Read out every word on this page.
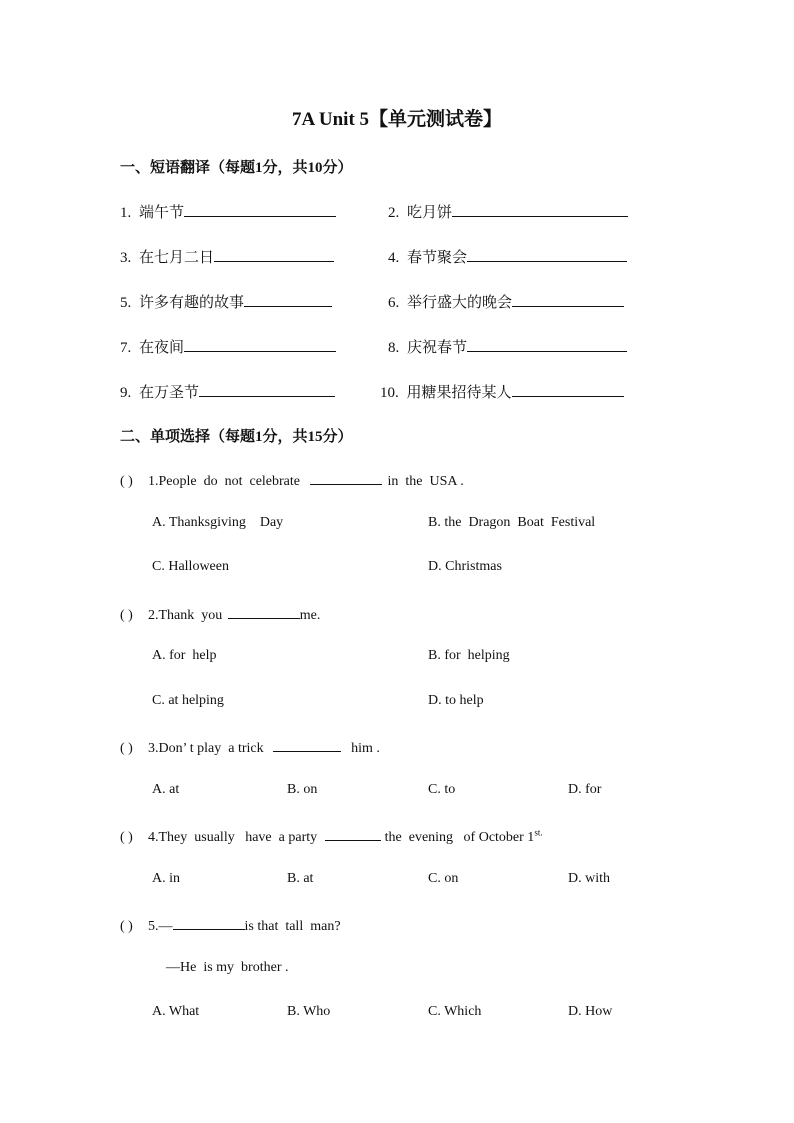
7A Unit 5【单元测试卷】
一、短语翻译（每题1分，共10分）
1. 端午节	2. 吃月饼
3. 在七月二日	4. 春节聚会
5. 许多有趣的故事	6. 举行盛大的晚会
7. 在夜间	8. 庆祝春节
9. 在万圣节	10. 用糖果招待某人
二、单项选择（每题1分，共15分）
( ) 1.People  do  not  celebrate	in  the  USA .
A. Thanksgiving    Day	B. the  Dragon  Boat  Festival
C. Halloween	D. Christmas
( ) 2.Thank  you	me.
A. for  help	B. for  helping
C. at helping	D. to help
( ) 3.Don’ t play  a trick	him .
A. at	B. on	C. to	D. for
( ) 4.They  usually   have  a party	the  evening   of October $1^{st.}$
A. in	B. at	C. on	D. with
( ) 5.—	is that  tall  man?
—He  is my  brother .
A. What	B. Who	C. Which	D. How
